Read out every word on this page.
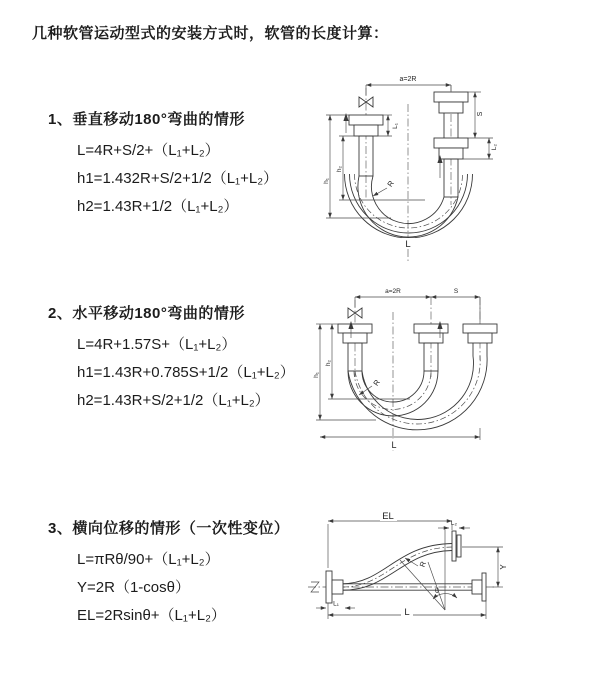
几种软管运动型式的安装方式时，软管的长度计算：
1、垂直移动180°弯曲的情形
L=4R+S/2+（L₁+L₂）
h1=1.432R+S/2+1/2（L₁+L₂）
h2=1.43R+1/2（L₁+L₂）
2、水平移动180°弯曲的情形
L=4R+1.57S+（L₁+L₂）
h1=1.43R+0.785S+1/2（L₁+L₂）
h2=1.43R+S/2+1/2（L₁+L₂）
3、横向位移的情形（一次性变位）
L=πRθ/90+（L₁+L₂）
Y=2R（1-cosθ）
EL=2Rsinθ+（L₁+L₂）
a=2R
L₁
S
L₂
R
h₂
h₁
L
a=2R	S
R
h₂
h₁
L
EL
L₂
Y
L
L₁
R
θ
